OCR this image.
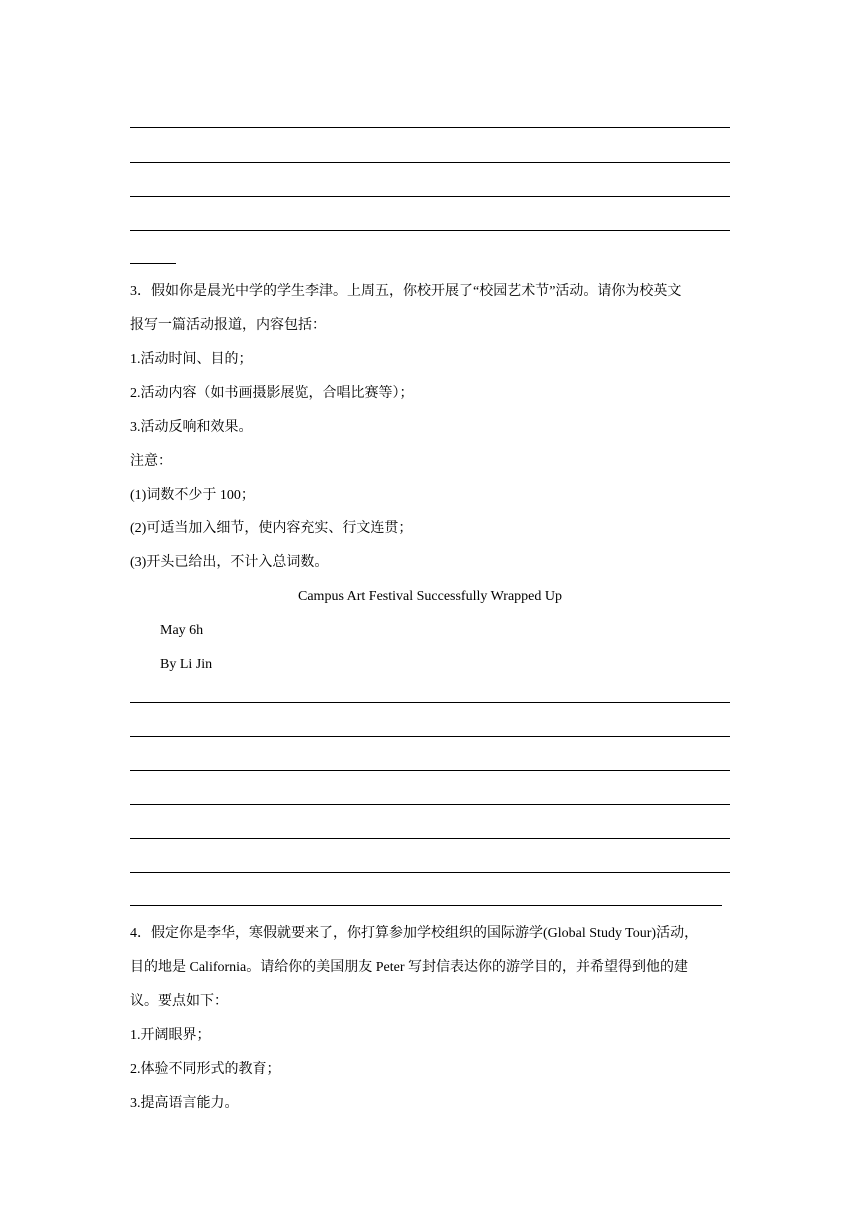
3．假如你是晨光中学的学生李津。上周五，你校开展了“校园艺术节”活动。请你为校英文
报写一篇活动报道，内容包括：
1.活动时间、目的；
2.活动内容（如书画摄影展览，合唱比赛等）；
3.活动反响和效果。
注意：
(1)词数不少于 100；
(2)可适当加入细节，使内容充实、行文连贯；
(3)开头已给出，不计入总词数。
Campus Art Festival Successfully Wrapped Up
May 6h
By Li Jin
4．假定你是李华，寒假就要来了，你打算参加学校组织的国际游学(Global Study Tour)活动，
目的地是 California。请给你的美国朋友 Peter 写封信表达你的游学目的，并希望得到他的建
议。要点如下：
1.开阔眼界；
2.体验不同形式的教育；
3.提高语言能力。
